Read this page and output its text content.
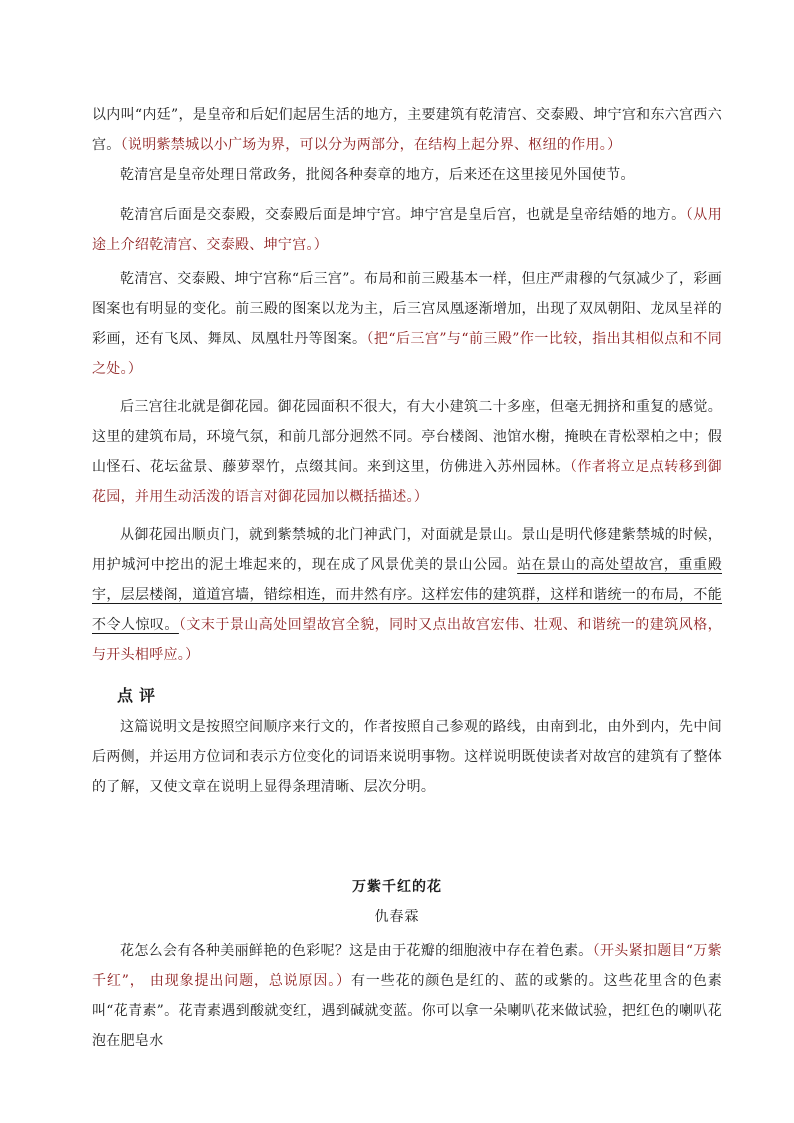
以内叫“内廷”，是皇帝和后妃们起居生活的地方，主要建筑有乾清宫、交泰殿、坤宁宫和东六宫西六宫。（说明紫禁城以小广场为界，可以分为两部分，在结构上起分界、枢纽的作用。）

乾清宫是皇帝处理日常政务，批阅各种奏章的地方，后来还在这里接见外国使节。

乾清宫后面是交泰殿，交泰殿后面是坤宁宫。坤宁宫是皇后宫，也就是皇帝结婚的地方。（从用途上介绍乾清宫、交泰殿、坤宁宫。）

乾清宫、交泰殿、坤宁宫称“后三宫”。布局和前三殿基本一样，但庄严肃穆的气氛减少了，彩画图案也有明显的变化。前三殿的图案以龙为主，后三宫凤凰逐渐增加，出现了双凤朝阳、龙凤呈祥的彩画，还有飞凤、舞凤、凤凰牡丹等图案。（把“后三宫”与“前三殿”作一比较，指出其相似点和不同之处。）

后三宫往北就是御花园。御花园面积不很大，有大小建筑二十多座，但毫无拥挤和重复的感觉。这里的建筑布局，环境气氛，和前几部分迥然不同。亭台楼阁、池馆水榭，掩映在青松翠柏之中；假山怪石、花坛盆景、藤萝翠竹，点缀其间。来到这里，仿佛进入苏州园林。（作者将立足点转移到御花园，并用生动活泼的语言对御花园加以概括描述。）

从御花园出顺贞门，就到紫禁城的北门神武门，对面就是景山。景山是明代修建紫禁城的时候，用护城河中挖出的泥土堆起来的，现在成了风景优美的景山公园。站在景山的高处望故宫，重重殿宇，层层楼阁，道道宫墙，错综相连，而井然有序。这样宏伟的建筑群，这样和谐统一的布局，不能不令人惊叹。（文末于景山高处回望故宫全貌，同时又点出故宫宏伟、壮观、和谐统一的建筑风格，与开头相呼应。）

点评

这篇说明文是按照空间顺序来行文的，作者按照自己参观的路线，由南到北，由外到内，先中间后两侧，并运用方位词和表示方位变化的词语来说明事物。这样说明既使读者对故宫的建筑有了整体的了解，又使文章在说明上显得条理清晰、层次分明。

万紫千红的花

仇春霖

花怎么会有各种美丽鲜艳的色彩呢？这是由于花瓣的细胞液中存在着色素。（开头紧扣题目“万紫千红”， 由现象提出问题，总说原因。）有一些花的颜色是红的、蓝的或紫的。这些花里含的色素叫“花青素”。花青素遇到酸就变红，遇到碱就变蓝。你可以拿一朵喇叭花来做试验，把红色的喇叭花泡在肥皂水
